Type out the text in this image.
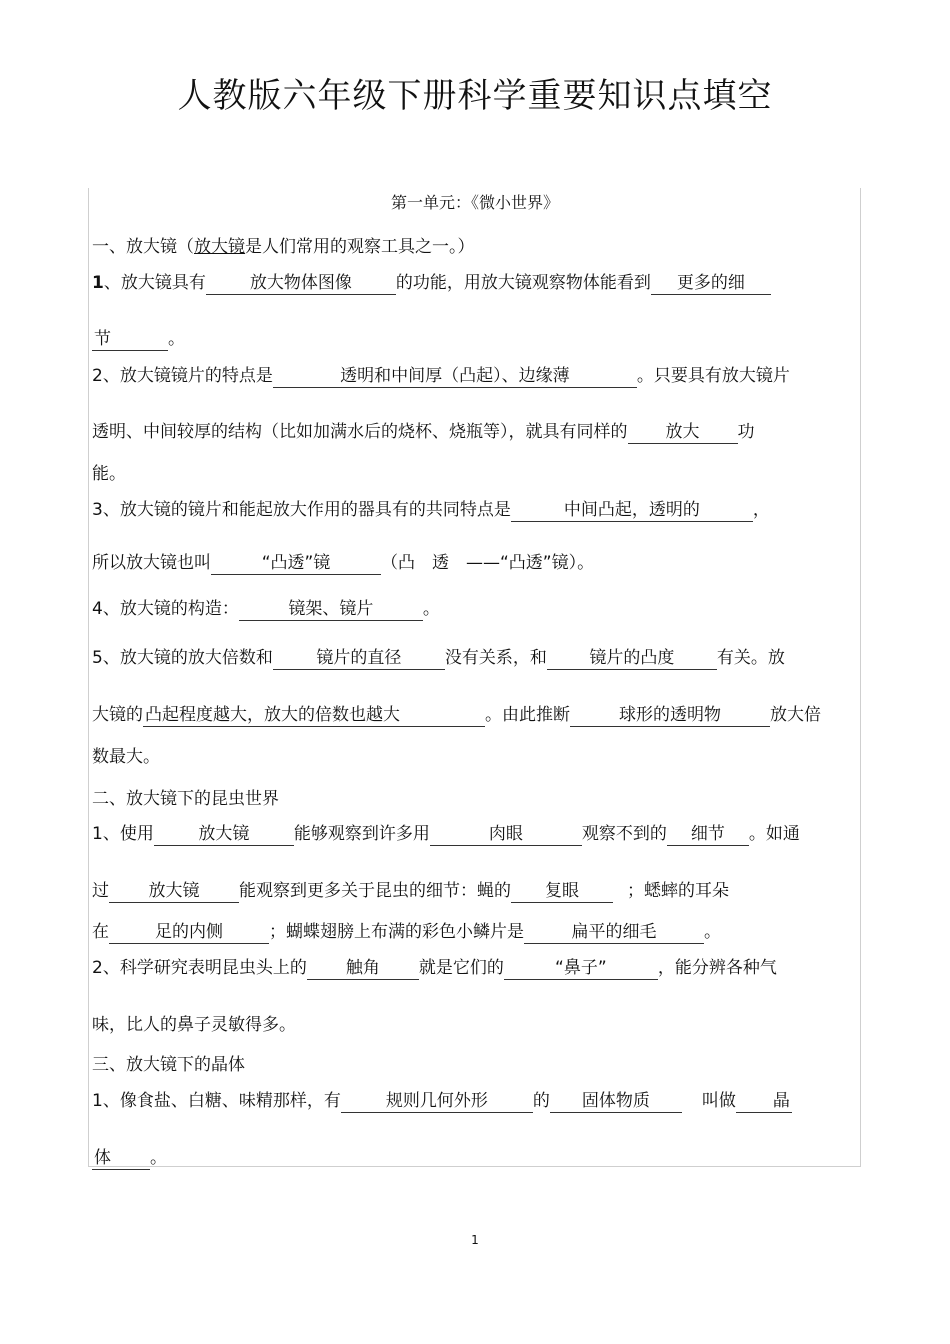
人教版六年级下册科学重要知识点填空
第一单元：《微小世界》
一、放大镜（放大镜是人们常用的观察工具之一。）
1、放大镜具有	放大物体图像	的功能，用放大镜观察物体能看到 更多的细
节	。
2、放大镜镜片的特点是	透明和中间厚（凸起）、边缘薄	。只要具有放大镜片
透明、中间较厚的结构（比如加满水后的烧杯、烧瓶等），就具有同样的 放大 功
能。
3、放大镜的镜片和能起放大作用的器具有的共同特点是	中间凸起，透明的	，
所以放大镜也叫	“凸透”镜	（凸　透　——“凸透”镜）。
4、放大镜的构造：	镜架、镜片	。
5、放大镜的放大倍数和	镜片的直径	没有关系，和	镜片的凸度	有关。放
大镜的 凸起程度越大，放大的倍数也越大	。由此推断	球形的透明物	放大倍
数最大。
二、放大镜下的昆虫世界
1、使用	放大镜	能够观察到许多用	肉眼	观察不到的 细节 。如通
过 放大镜 能观察到更多关于昆虫的细节：蝇的 复眼	；蟋蟀的耳朵
在	足的内侧	；蝴蝶翅膀上布满的彩色小鳞片是	扁平的细毛	。
2、科学研究表明昆虫头上的 触角 就是它们的	“鼻子”	，能分辨各种气
味，比人的鼻子灵敏得多。
三、放大镜下的晶体
1、像食盐、白糖、味精那样，有	规则几何外形	的 固体物质	叫做 晶
体 。
1
